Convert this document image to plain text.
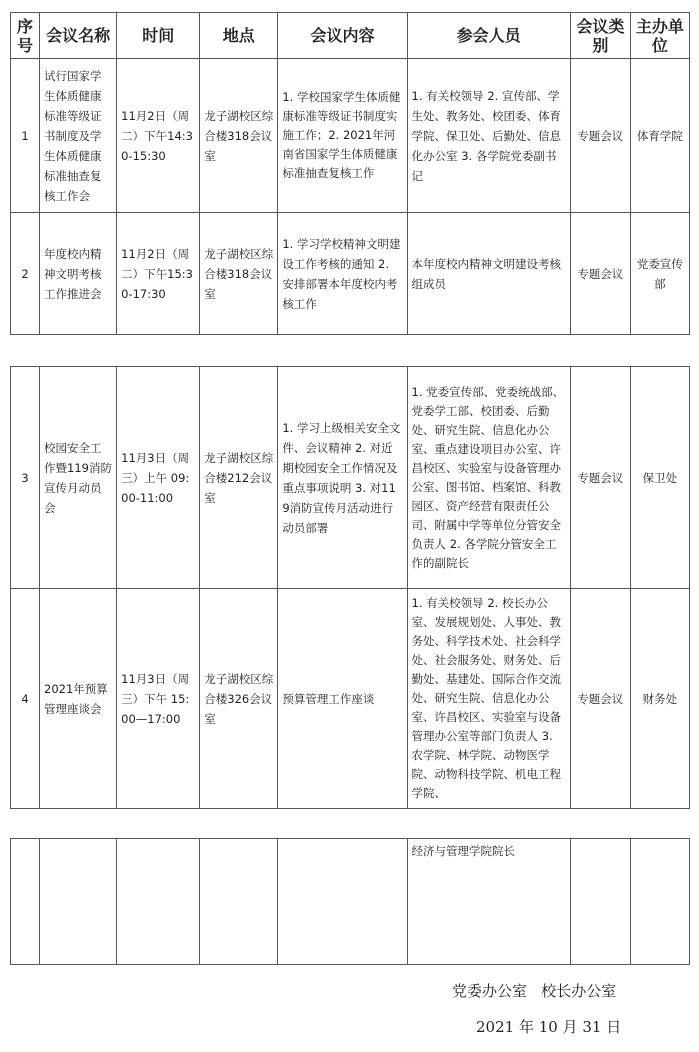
序号	会议名称	时间	地点	会议内容	参会人员	会议类别	主办单位
1	试行国家学生体质健康标准等级证书制度及学生体质健康标准抽查复核工作会	11月2日（周二）下午14:30-15:30	龙子湖校区综合楼318会议室	1. 学校国家学生体质健康标准等级证书制度实施工作；2. 2021年河南省国家学生体质健康标准抽查复核工作	1. 有关校领导 2. 宣传部、学生处、教务处、校团委、体育学院、保卫处、后勤处、信息化办公室 3. 各学院党委副书记	专题会议	体育学院
2	年度校内精神文明考核工作推进会	11月2日（周二）下午15:30-17:30	龙子湖校区综合楼318会议室	1. 学习学校精神文明建设工作考核的通知 2. 安排部署本年度校内考核工作	本年度校内精神文明建设考核组成员	专题会议	党委宣传部
3	校园安全工作暨119消防宣传月动员会	11月3日（周三）上午 09:00-11:00	龙子湖校区综合楼212会议室	1. 学习上级相关安全文件、会议精神 2. 对近期校园安全工作情况及重点事项说明 3. 对119消防宣传月活动进行动员部署	1. 党委宣传部、党委统战部、党委学工部、校团委、后勤处、研究生院、信息化办公室、重点建设项目办公室、许昌校区、实验室与设备管理办公室、图书馆、档案馆、科教园区、资产经营有限责任公司、附属中学等单位分管安全负责人 2. 各学院分管安全工作的副院长	专题会议	保卫处
4	2021年预算管理座谈会	11月3日（周三）下午 15:00—17:00	龙子湖校区综合楼326会议室	预算管理工作座谈	1. 有关校领导 2. 校长办公室、发展规划处、人事处、教务处、科学技术处、社会科学处、社会服务处、财务处、后勤处、基建处、国际合作交流处、研究生院、信息化办公室、许昌校区、实验室与设备管理办公室等部门负责人 3. 农学院、林学院、动物医学院、动物科技学院、机电工程学院、	专题会议	财务处
					经济与管理学院院长		
党委办公室   校长办公室
2021 年 10 月 31 日
